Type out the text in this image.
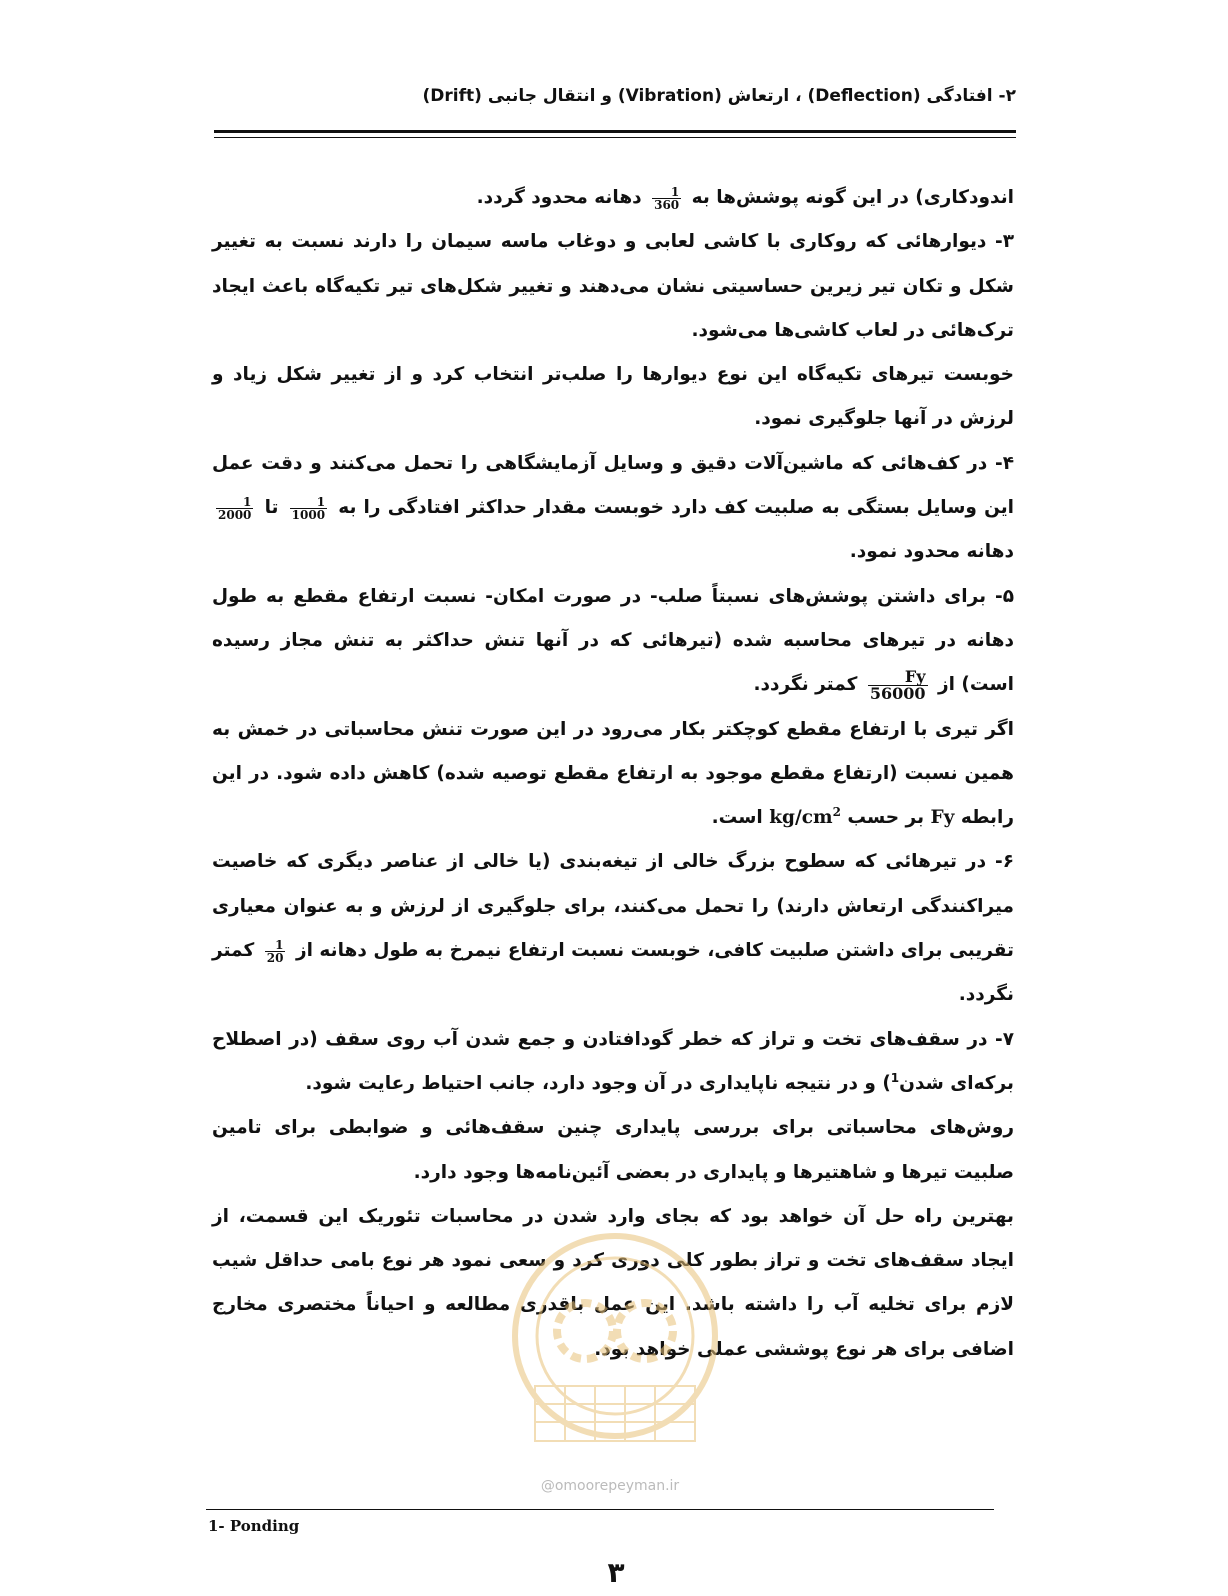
۲- افتادگی (Deflection) ، ارتعاش (Vibration) و انتقال جانبی (Drift)

اندودکاری) در این گونه پوشش‌ها به
$\frac{1}{360}$
دهانه محدود گردد.

۳- دیوارهائی که روکاری با کاشی لعابی و دوغاب ماسه سیمان را دارند نسبت به تغییر شکل و تکان تیر زیرین حساسیتی نشان می‌دهند و تغییر شکل‌های تیر تکیه‌گاه باعث ایجاد ترک‌هائی در لعاب کاشی‌ها می‌شود.

خوبست تیرهای تکیه‌گاه این نوع دیوارها را صلب‌تر انتخاب کرد و از تغییر شکل زیاد و لرزش در آنها جلوگیری نمود.

۴- در کف‌هائی که ماشین‌آلات دقیق و وسایل آزمایشگاهی را تحمل می‌کنند و دقت عمل این وسایل بستگی به صلبیت کف دارد خوبست مقدار حداکثر افتادگی را به
$\frac{1}{1000}$
تا
$\frac{1}{2000}$
دهانه محدود نمود.

۵- برای داشتن پوشش‌های نسبتاً صلب- در صورت امکان- نسبت ارتفاع مقطع به طول دهانه در تیرهای محاسبه شده (تیرهائی که در آنها تنش حداکثر به تنش مجاز رسیده است) از
$\frac{Fy}{56000}$
کمتر نگردد.

اگر تیری با ارتفاع مقطع کوچکتر بکار می‌رود در این صورت تنش محاسباتی در خمش به همین نسبت (ارتفاع مقطع موجود به ارتفاع مقطع توصیه شده) کاهش داده شود. در این رابطه Fy بر حسب $kg/cm^2$ است.

۶- در تیرهائی که سطوح بزرگ خالی از تیغه‌بندی (یا خالی از عناصر دیگری که خاصیت میراکنندگی ارتعاش دارند) را تحمل می‌کنند، برای جلوگیری از لرزش و به عنوان معیاری تقریبی برای داشتن صلبیت کافی، خوبست نسبت ارتفاع نیمرخ به طول دهانه از
$\frac{1}{20}$
کمتر نگردد.

۷- در سقف‌های تخت و تراز که خطر گودافتادن و جمع شدن آب روی سقف (در اصطلاح برکه‌ای شدن$^1$) و در نتیجه ناپایداری در آن وجود دارد، جانب احتیاط رعایت شود.

روش‌های محاسباتی برای بررسی پایداری چنین سقف‌هائی و ضوابطی برای تامین صلبیت تیرها و شاهتیرها و پایداری در بعضی آئین‌نامه‌ها وجود دارد.

بهترین راه حل آن خواهد بود که بجای وارد شدن در محاسبات تئوریک این قسمت، از ایجاد سقف‌های تخت و تراز بطور کلی دوری کرد و سعی نمود هر نوع بامی حداقل شیب لازم برای تخلیه آب را داشته باشد. این عمل باقدری مطالعه و احیاناً مختصری مخارج اضافی برای هر نوع پوششی عملی خواهد بود.

@omoorepeyman.ir
1- Ponding
۳
